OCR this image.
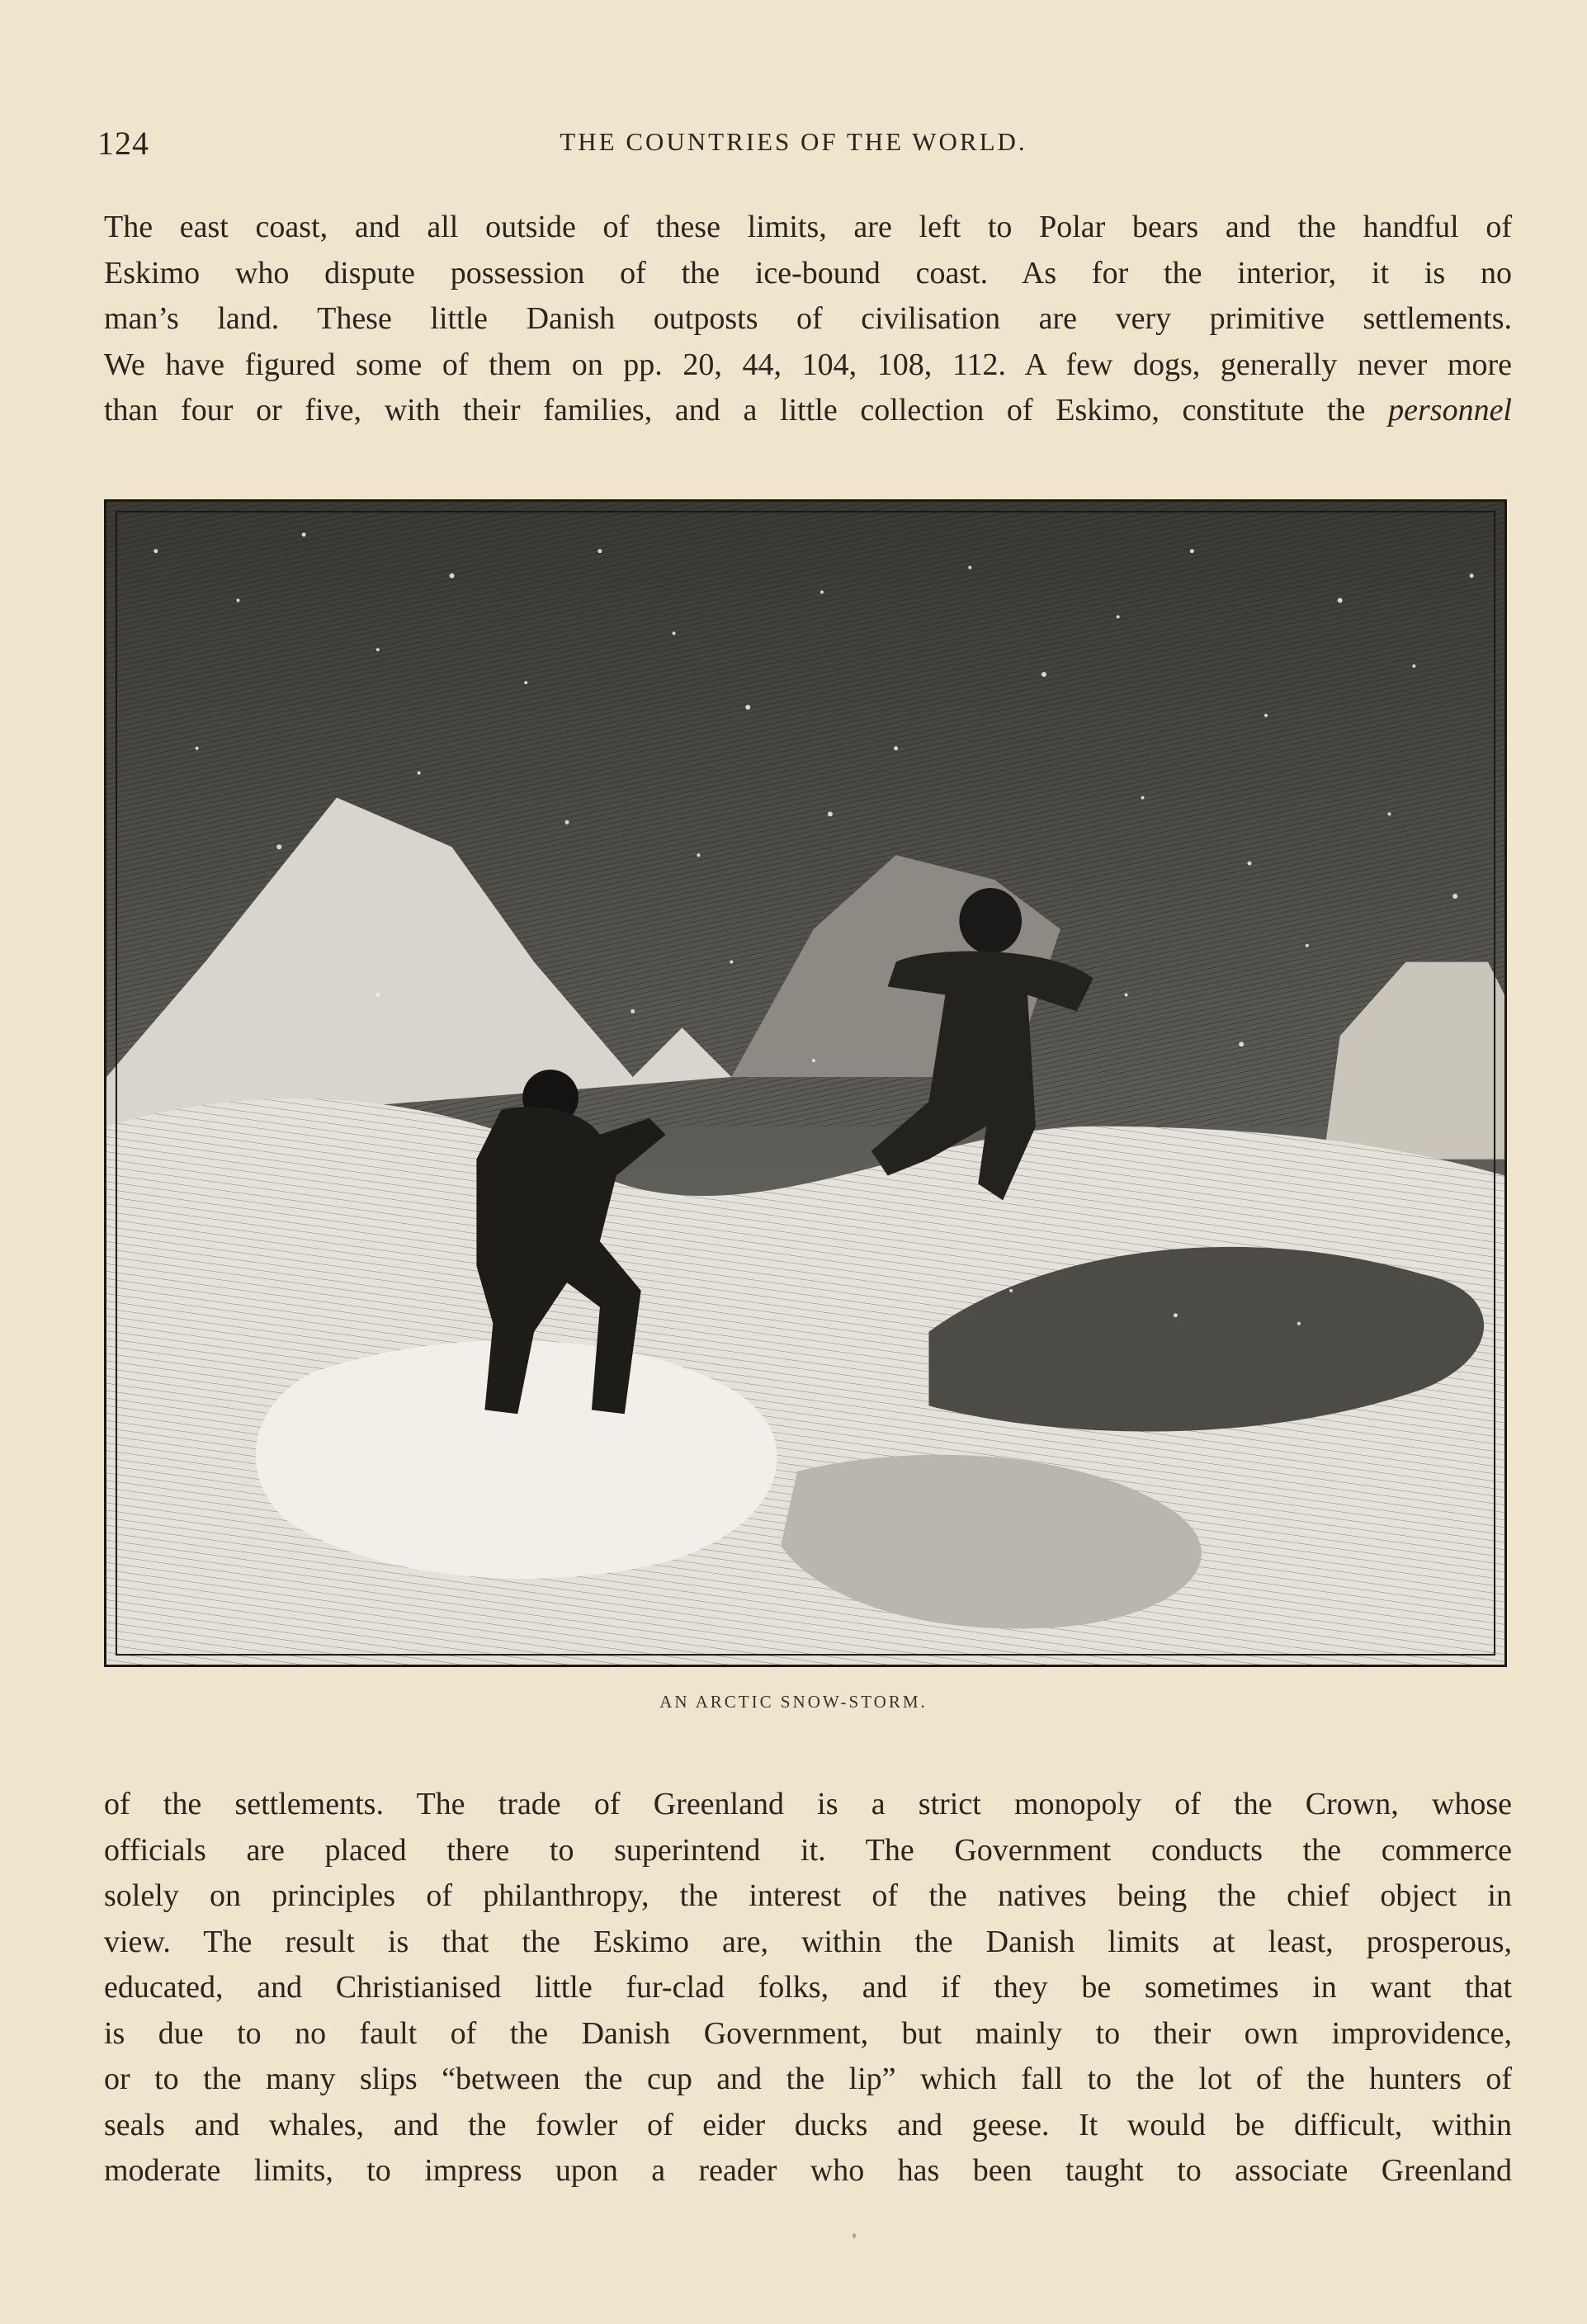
124	THE COUNTRIES OF THE WORLD.
The east coast, and all outside of these limits, are left to Polar bears and the handful of
Eskimo who dispute possession of the ice-bound coast. As for the interior, it is no
man’s land. These little Danish outposts of civilisation are very primitive settlements.
We have figured some of them on pp. 20, 44, 104, 108, 112. A few dogs, generally never more
than four or five, with their families, and a little collection of Eskimo, constitute the personnel
AN ARCTIC SNOW-STORM.
of the settlements. The trade of Greenland is a strict monopoly of the Crown, whose
officials are placed there to superintend it. The Government conducts the commerce
solely on principles of philanthropy, the interest of the natives being the chief object in
view. The result is that the Eskimo are, within the Danish limits at least, prosperous,
educated, and Christianised little fur-clad folks, and if they be sometimes in want that
is due to no fault of the Danish Government, but mainly to their own improvidence,
or to the many slips “between the cup and the lip” which fall to the lot of the hunters of
seals and whales, and the fowler of eider ducks and geese. It would be difficult, within
moderate limits, to impress upon a reader who has been taught to associate Greenland
